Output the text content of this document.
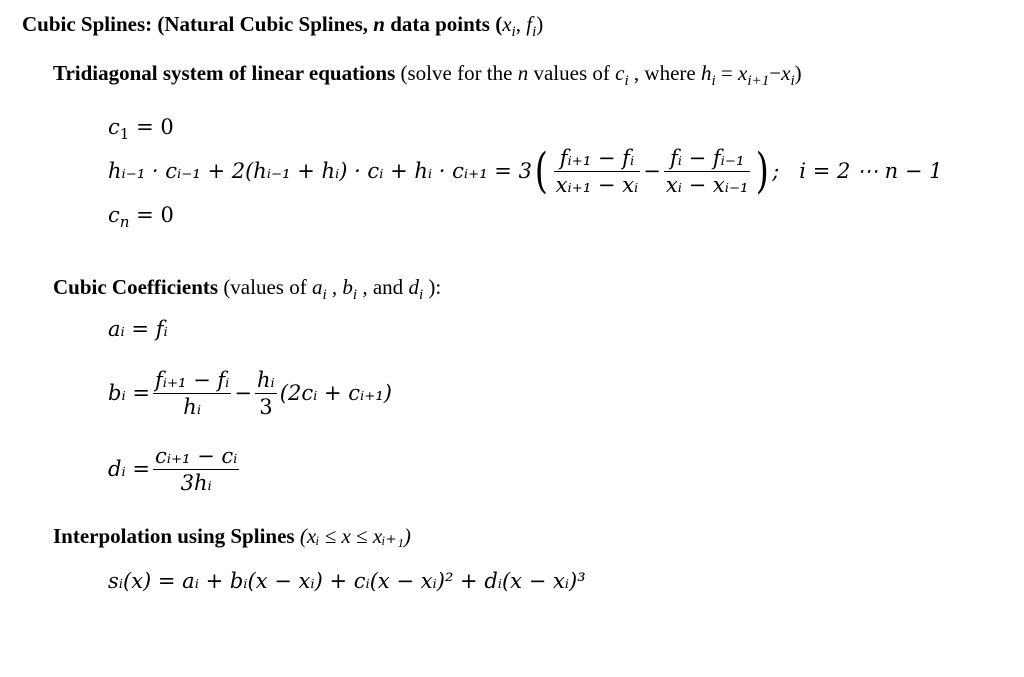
Cubic Splines: (Natural Cubic Splines, n data points ($x_i$, $f_i$)
Tridiagonal system of linear equations (solve for the n values of $c_i$ , where $h_i = x_{i+1}-x_i$)
$c_1 = 0$
hᵢ₋₁ · cᵢ₋₁ + 2(hᵢ₋₁ + hᵢ) · cᵢ + hᵢ · cᵢ₊₁ = 3 ( $\frac{\text{fᵢ₊₁ − fᵢ}}{\text{xᵢ₊₁ − xᵢ}} - \frac{\text{fᵢ − fᵢ₋₁}}{\text{xᵢ − xᵢ₋₁}}$ ) ;   i = 2 ⋯ n − 1
$c_n = 0$
Cubic Coefficients (values of $a_i$ , $b_i$ , and $d_i$ ):
aᵢ = fᵢ
bᵢ = $\frac{\text{fᵢ₊₁ − fᵢ}}{\text{hᵢ}} - \frac{\text{hᵢ}}{3}$ (2cᵢ + cᵢ₊₁)
dᵢ = $\frac{\text{cᵢ₊₁ − cᵢ}}{\text{3hᵢ}}$
Interpolation using Splines (xᵢ ≤ x ≤ xᵢ₊₁)
sᵢ(x) = aᵢ + bᵢ(x − xᵢ) + cᵢ(x − xᵢ)² + dᵢ(x − xᵢ)³
